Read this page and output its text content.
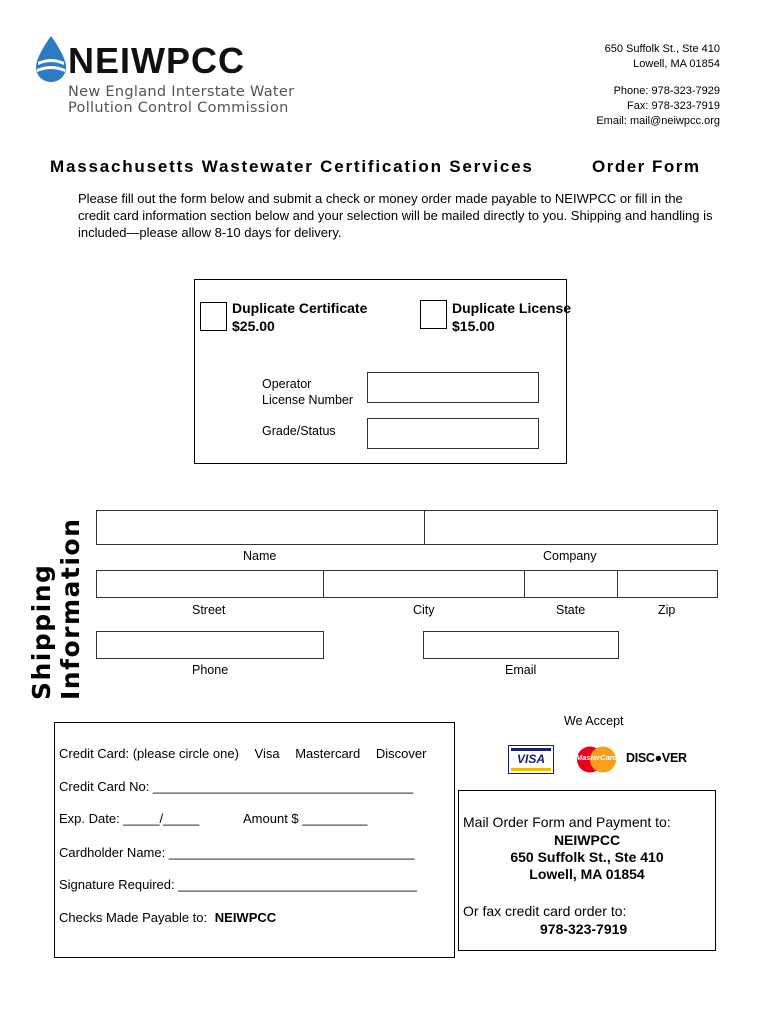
NEIWPCC
New England Interstate Water
Pollution Control Commission
650 Suffolk St., Ste 410
Lowell, MA 01854
Phone: 978-323-7929
Fax: 978-323-7919
Email: mail@neiwpcc.org
Massachusetts Wastewater Certification Services	Order Form
Please fill out the form below and submit a check or money order made payable to NEIWPCC or fill in the credit card information section below and your selection will be mailed directly to you. Shipping and handling is included—please allow 8-10 days for delivery.
Duplicate Certificate
$25.00
Duplicate License
$15.00
Operator
License Number
Grade/Status
Shipping Information	Name	Company
Street	City	State	Zip
Phone	Email
Credit Card: (please circle one) Visa Mastercard Discover
Credit Card No: ____________________________________
Exp. Date: _____/_____	Amount $ _________
Cardholder Name: __________________________________
Signature Required: _________________________________
Checks Made Payable to: NEIWPCC
We Accept
VISA	MasterCard DISC●VER
Mail Order Form and Payment to:
NEIWPCC
650 Suffolk St., Ste 410
Lowell, MA 01854
Or fax credit card order to:
978-323-7919
